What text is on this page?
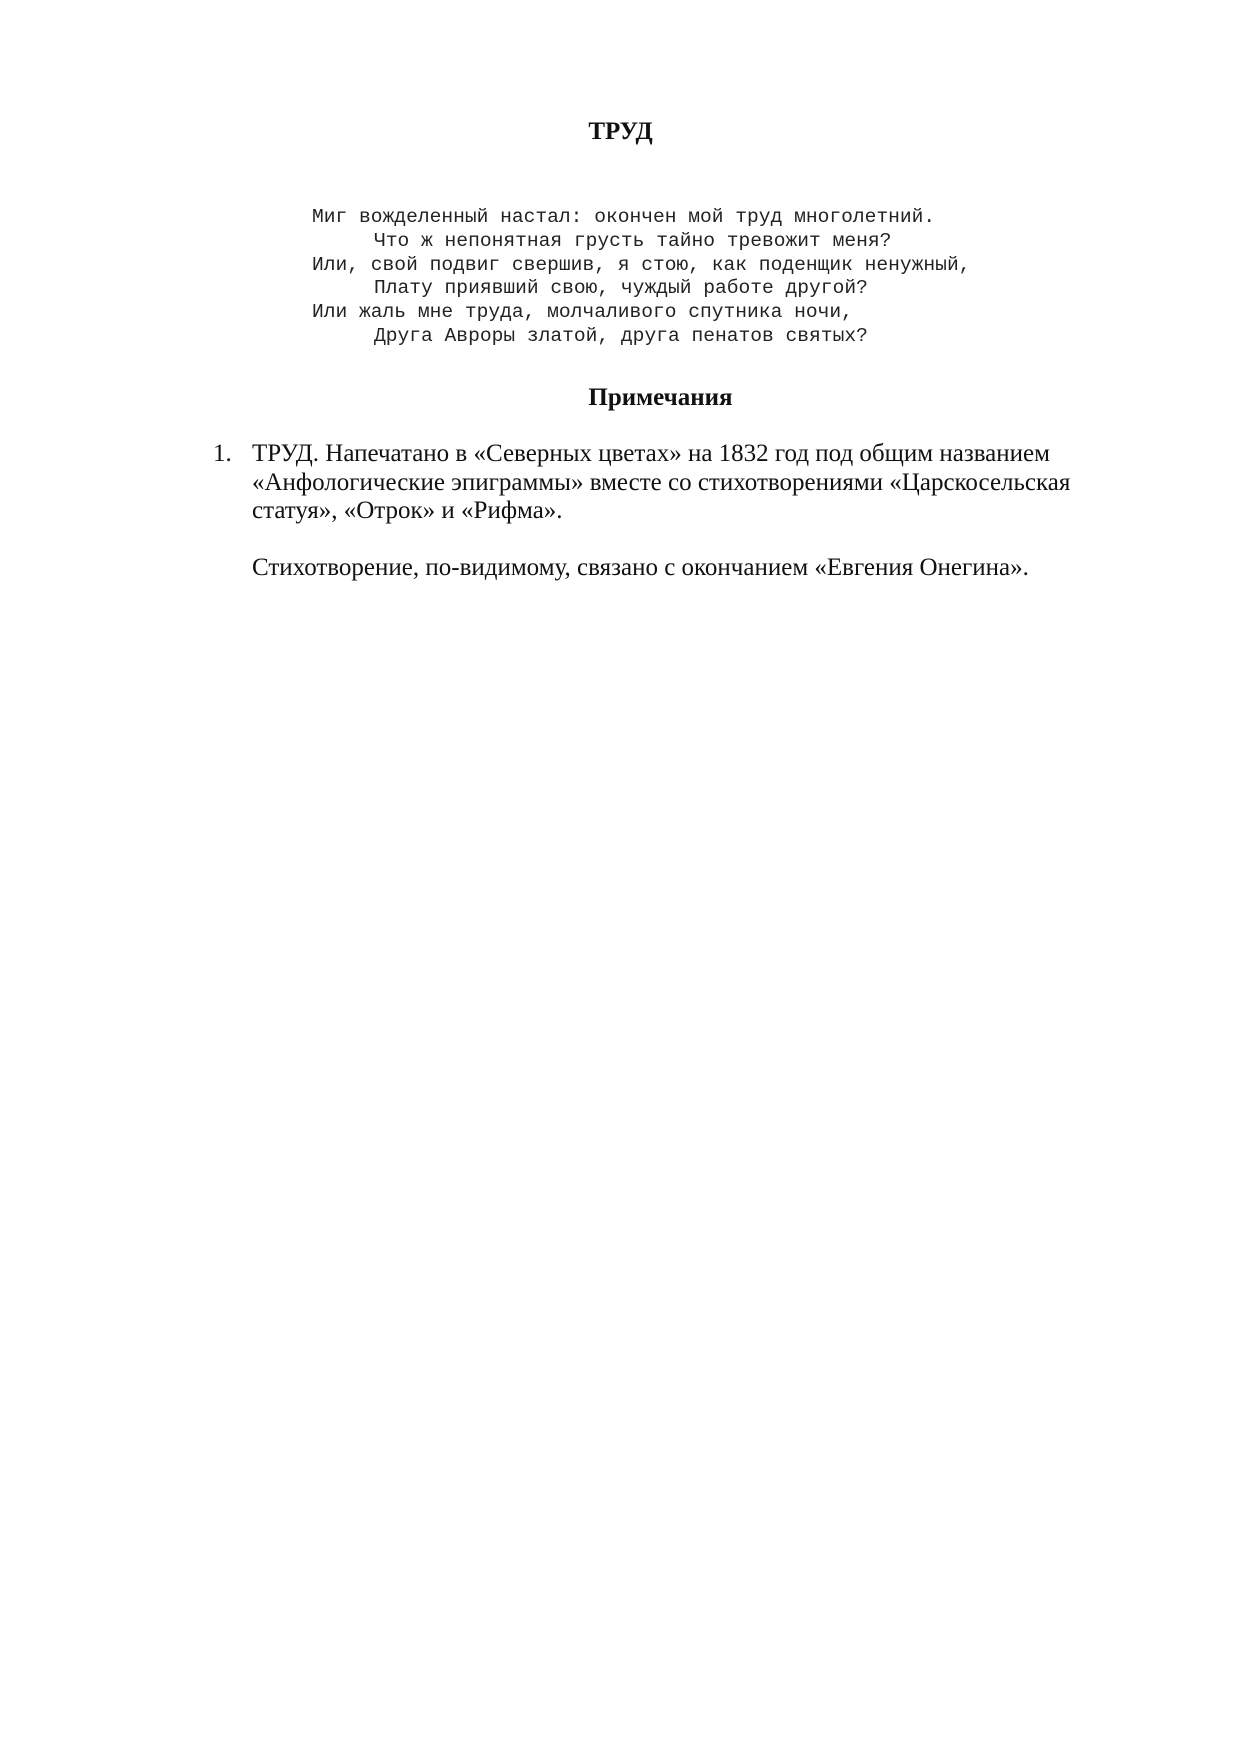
ТРУД
Миг вожделенный настал: окончен мой труд многолетний.
Что ж непонятная грусть тайно тревожит меня?
Или, свой подвиг свершив, я стою, как поденщик ненужный,
Плату приявший свою, чуждый работе другой?
Или жаль мне труда, молчаливого спутника ночи,
Друга Авроры златой, друга пенатов святых?
Примечания
1. ТРУД. Напечатано в «Северных цветах» на 1832 год под общим названием «Анфологические эпиграммы» вместе со стихотворениями «Царскосельская статуя», «Отрок» и «Рифма».

Стихотворение, по-видимому, связано с окончанием «Евгения Онегина».
